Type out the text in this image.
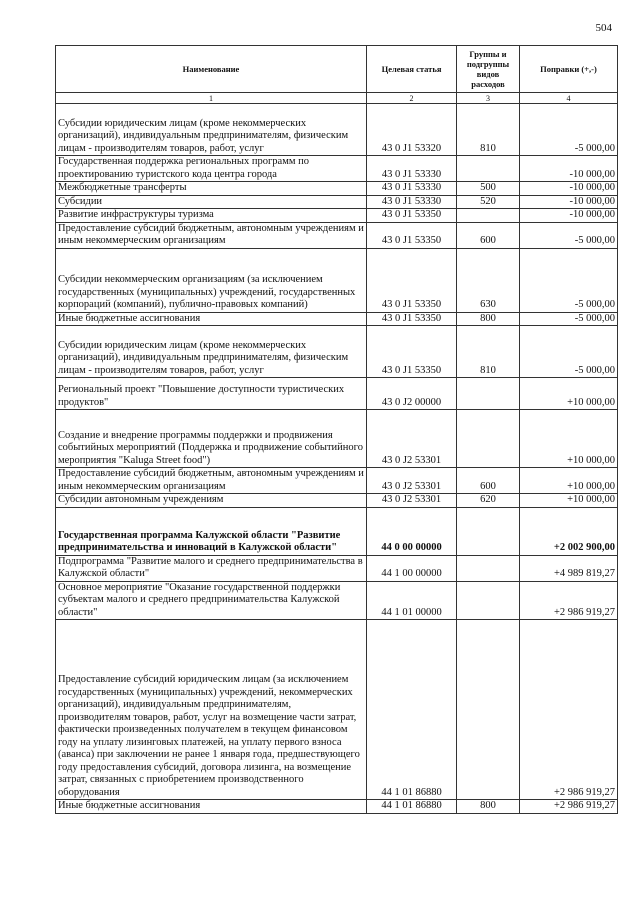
504
Наименование	Целевая статья	Группы и подгруппы видов расходов	Поправки (+,-)
1	2	3	4
Субсидии юридическим лицам (кроме некоммерческих организаций), индивидуальным предпринимателям, физическим лицам - производителям товаров, работ, услуг	43 0 J1 53320	810	-5 000,00
Государственная поддержка региональных программ по проектированию туристского кода центра города	43 0 J1 53330		-10 000,00
Межбюджетные трансферты	43 0 J1 53330	500	-10 000,00
Субсидии	43 0 J1 53330	520	-10 000,00
Развитие инфраструктуры туризма	43 0 J1 53350		-10 000,00
Предоставление субсидий бюджетным, автономным учреждениям и иным некоммерческим организациям	43 0 J1 53350	600	-5 000,00
Субсидии некоммерческим организациям (за исключением государственных (муниципальных) учреждений, государственных корпораций (компаний), публично-правовых компаний)	43 0 J1 53350	630	-5 000,00
Иные бюджетные ассигнования	43 0 J1 53350	800	-5 000,00
Субсидии юридическим лицам (кроме некоммерческих организаций), индивидуальным предпринимателям, физическим лицам - производителям товаров, работ, услуг	43 0 J1 53350	810	-5 000,00
Региональный проект "Повышение доступности туристических продуктов"	43 0 J2 00000		+10 000,00
Создание и внедрение программы поддержки и продвижения событийных мероприятий (Поддержка и продвижение событийного мероприятия "Kaluga Street food")	43 0 J2 53301		+10 000,00
Предоставление субсидий бюджетным, автономным учреждениям и иным некоммерческим организациям	43 0 J2 53301	600	+10 000,00
Субсидии автономным учреждениям	43 0 J2 53301	620	+10 000,00
Государственная программа Калужской области "Развитие предпринимательства и инноваций в Калужской области"	44 0 00 00000		+2 002 900,00
Подпрограмма "Развитие малого и среднего предпринимательства в Калужской области"	44 1 00 00000		+4 989 819,27
Основное мероприятие "Оказание государственной поддержки субъектам малого и среднего предпринимательства Калужской области"	44 1 01 00000		+2 986 919,27
Предоставление субсидий юридическим лицам (за исключением государственных (муниципальных) учреждений, некоммерческих организаций), индивидуальным предпринимателям, производителям товаров, работ, услуг на возмещение части затрат, фактически произведенных получателем в текущем финансовом году на уплату лизинговых платежей, на уплату первого взноса (аванса) при заключении не ранее 1 января года, предшествующего году предоставления субсидий, договора лизинга, на возмещение затрат, связанных с приобретением производственного оборудования	44 1 01 86880		+2 986 919,27
Иные бюджетные ассигнования	44 1 01 86880	800	+2 986 919,27
